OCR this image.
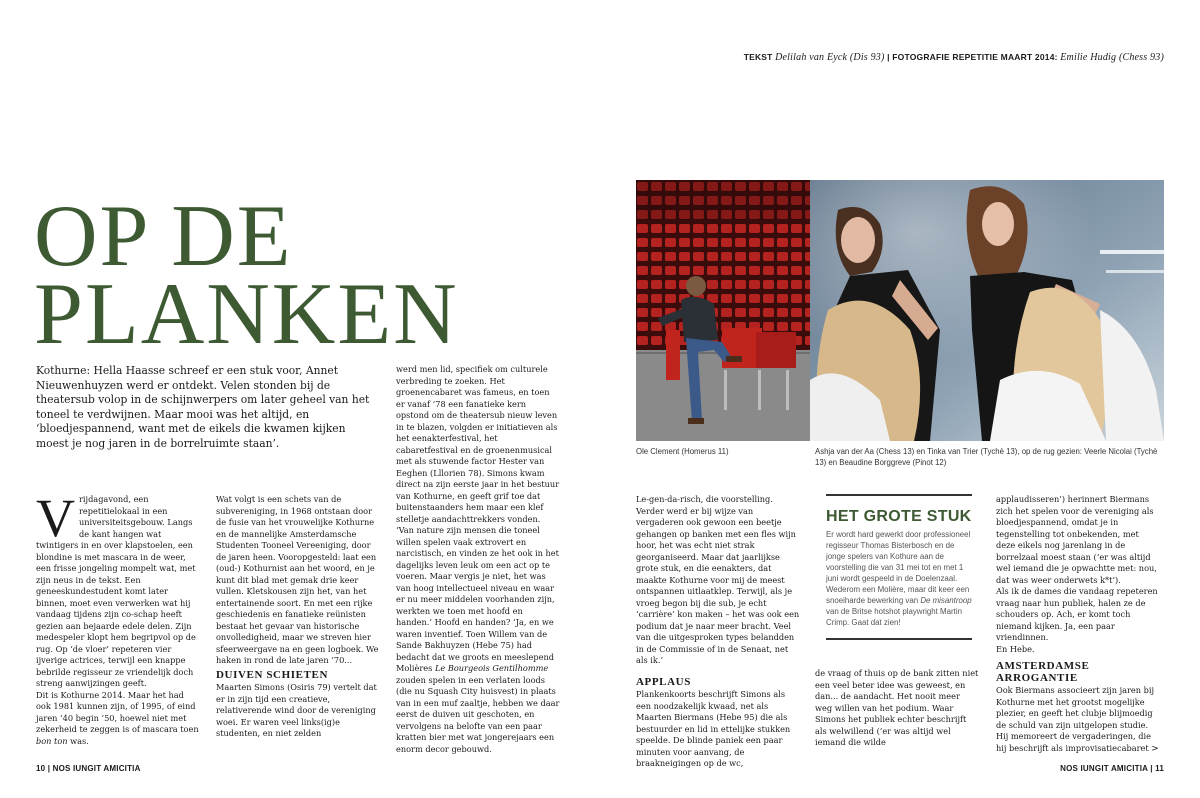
TEKST Delilah van Eyck (Dis 93) | FOTOGRAFIE REPETITIE MAART 2014: Emilie Hudig (Chess 93)
OP DE
PLANKEN
Kothurne: Hella Haasse schreef er een stuk voor, Annet Nieuwenhuyzen werd er ontdekt. Velen stonden bij de theatersub volop in de schijnwerpers om later geheel van het toneel te verdwijnen. Maar mooi was het altijd, en ‘bloedjespannend, want met de eikels die kwamen kijken moest je nog jaren in de borrelruimte staan’.

V rijdagavond, een repetitielokaal in een universiteitsgebouw. Langs de kant hangen wat twintigers in en over klapstoelen, een blondine is met mascara in de weer, een frisse jongeling mompelt wat, met zijn neus in de tekst. Een geneeskundestudent komt later binnen, moet even verwerken wat hij vandaag tijdens zijn co-schap heeft gezien aan bejaarde edele delen. Zijn medespeler klopt hem begripvol op de rug. Op ‘de vloer’ repeteren vier ijverige actrices, terwijl een knappe bebrilde regisseur ze vriendelijk doch streng aanwijzingen geeft.

Dit is Kothurne 2014. Maar het had ook 1981 kunnen zijn, of 1995, of eind jaren ’40 begin ’50, hoewel niet met zekerheid te zeggen is of mascara toen bon ton was.

Wat volgt is een schets van de subvereniging, in 1968 ontstaan door de fusie van het vrouwelijke Kothurne en de mannelijke Amsterdamsche Studenten Tooneel Vereeniging, door de jaren heen. Vooropgesteld: laat een (oud-) Kothurnist aan het woord, en je kunt dit blad met gemak drie keer vullen. Kletskousen zijn het, van het entertainende soort. En met een rijke geschiedenis en fanatieke reünisten bestaat het gevaar van historische onvolledigheid, maar we streven hier sfeerweergave na en geen logboek. We haken in rond de late jaren ’70...

DUIVEN SCHIETEN

Maarten Simons (Osiris 79) vertelt dat er in zijn tijd een creatieve, relativerende wind door de vereniging woei. Er waren veel links(ig)e studenten, en niet zelden

werd men lid, specifiek om culturele verbreding te zoeken. Het groenencabaret was fameus, en toen er vanaf ’78 een fanatieke kern opstond om de theatersub nieuw leven in te blazen, volgden er initiatieven als het eenakterfestival, het cabaretfestival en de groenenmusical met als stuwende factor Hester van Eeghen (Lllorien 78). Simons kwam direct na zijn eerste jaar in het bestuur van Kothurne, en geeft grif toe dat buitenstaanders hem maar een klef stelletje aandachttrekkers vonden. ‘Van nature zijn mensen die toneel willen spelen vaak extrovert en narcistisch, en vinden ze het ook in het dagelijks leven leuk om een act op te voeren. Maar vergis je niet, het was van hoog intellectueel niveau en waar er nu meer middelen voorhanden zijn, werkten we toen met hoofd en handen.’ Hoofd en handen? ‘Ja, en we waren inventief. Toen Willem van de Sande Bakhuyzen (Hebe 75) had bedacht dat we groots en meeslepend Molières Le Bourgeois Gentilhomme zouden spelen in een verlaten loods (die nu Squash City huisvest) in plaats van in een muf zaaltje, hebben we daar eerst de duiven uit geschoten, en vervolgens na belofte van een paar kratten bier met wat jongerejaars een enorm decor gebouwd.

Ole Clement (Homerus 11)	Ashja van der Aa (Chess 13) en Tinka van Trier (Tychè 13), op de rug gezien: Veerle Nicolai (Tychè 13) en Beaudine Borggreve (Pinot 12)

Le-gen-da-risch, die voorstelling. Verder werd er bij wijze van vergaderen ook gewoon een beetje gehangen op banken met een fles wijn hoor, het was echt niet strak georganiseerd. Maar dat jaarlijkse grote stuk, en die eenakters, dat maakte Kothurne voor mij de meest ontspannen uitlaatklep. Terwijl, als je vroeg begon bij die sub, je echt ‘carrière’ kon maken – het was ook een podium dat je naar meer bracht. Veel van die uitgesproken types belandden in de Commissie of in de Senaat, net als ik.’

APPLAUS

Plankenkoorts beschrijft Simons als een noodzakelijk kwaad, net als Maarten Biermans (Hebe 95) die als bestuurder en lid in ettelijke stukken speelde. De blinde paniek een paar minuten voor aanvang, de braakneigingen op de wc,

HET GROTE STUK
Er wordt hard gewerkt door professioneel regisseur Thomas Bisterbosch en de jonge spelers van Kothure aan de voorstelling die van 31 mei tot en met 1 juni wordt gespeeld in de Doelenzaal. Wederom een Molière, maar dit keer een snoeiharde bewerking van De misantroop van de Britse hotshot playwright Martin Crimp. Gaat dat zien!

de vraag of thuis op de bank zitten niet een veel beter idee was geweest, en dan... de aandacht. Het nooit meer weg willen van het podium. Waar Simons het publiek echter beschrijft als welwillend (‘er was altijd wel iemand die wilde

applaudisseren’) herinnert Biermans zich het spelen voor de vereniging als bloedjespannend, omdat je in tegenstelling tot onbekenden, met deze eikels nog jarenlang in de borrelzaal moest staan (‘er was altijd wel iemand die je opwachtte met: nou, dat was weer onderwets k*t’).

Als ik de dames die vandaag repeteren vraag naar hun publiek, halen ze de schouders op. Ach, er komt toch niemand kijken. Ja, een paar vriendinnen.

En Hebe.

AMSTERDAMSE ARROGANTIE

Ook Biermans associeert zijn jaren bij Kothurne met het grootst mogelijke plezier, en geeft het clubje blijmoedig de schuld van zijn uitgelopen studie. Hij memoreert de vergaderingen, die hij beschrijft als improvisatiecabaret >

10 | NOS IUNGIT AMICITIA	NOS IUNGIT AMICITIA | 11
